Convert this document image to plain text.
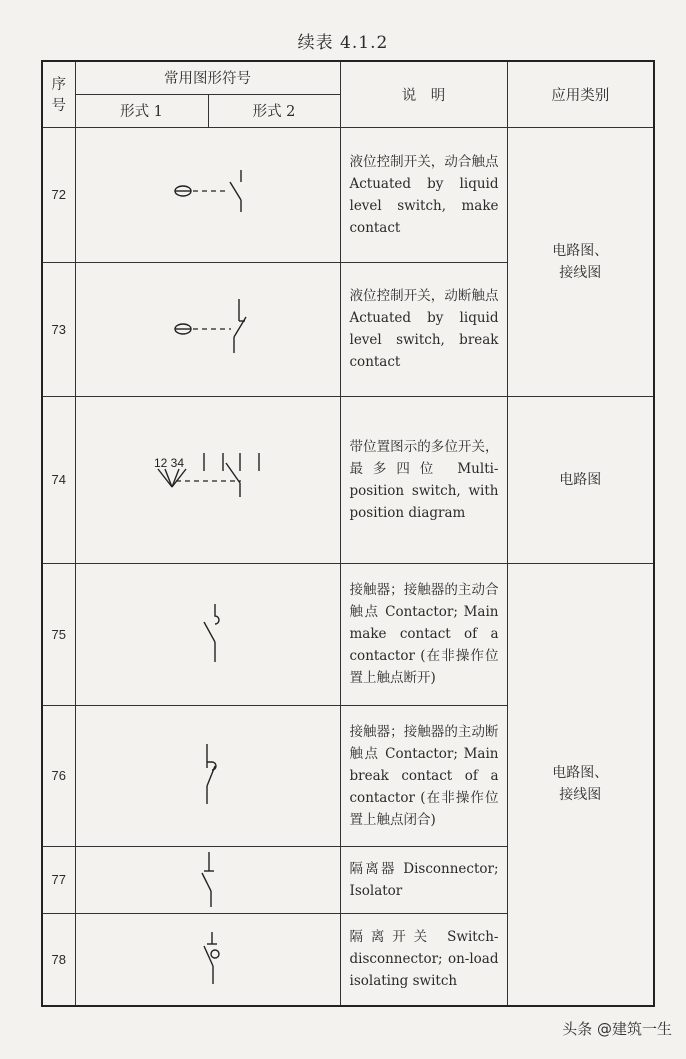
续表 4.1.2
序
号	常用图形符号		说　明	应用类别
	形式 1	形式 2		
72			液位控制开关，动合触点 Actuated by liquid level switch, make contact	电路图、接线图
73			液位控制开关，动断触点 Actuated by liquid level switch, break contact	
74	12 34		带位置图示的多位开关，最多四位 Multi-position switch, with position diagram	电路图
75			接触器；接触器的主动合触点 Contactor; Main make contact of a contactor (在非操作位置上触点断开)	电路图、接线图
76			接触器；接触器的主动断触点 Contactor; Main break contact of a contactor (在非操作位置上触点闭合)	
77			隔离器 Disconnector; Isolator	
78			隔离开关 Switch-disconnector; on-load isolating switch	
头条 @建筑一生
